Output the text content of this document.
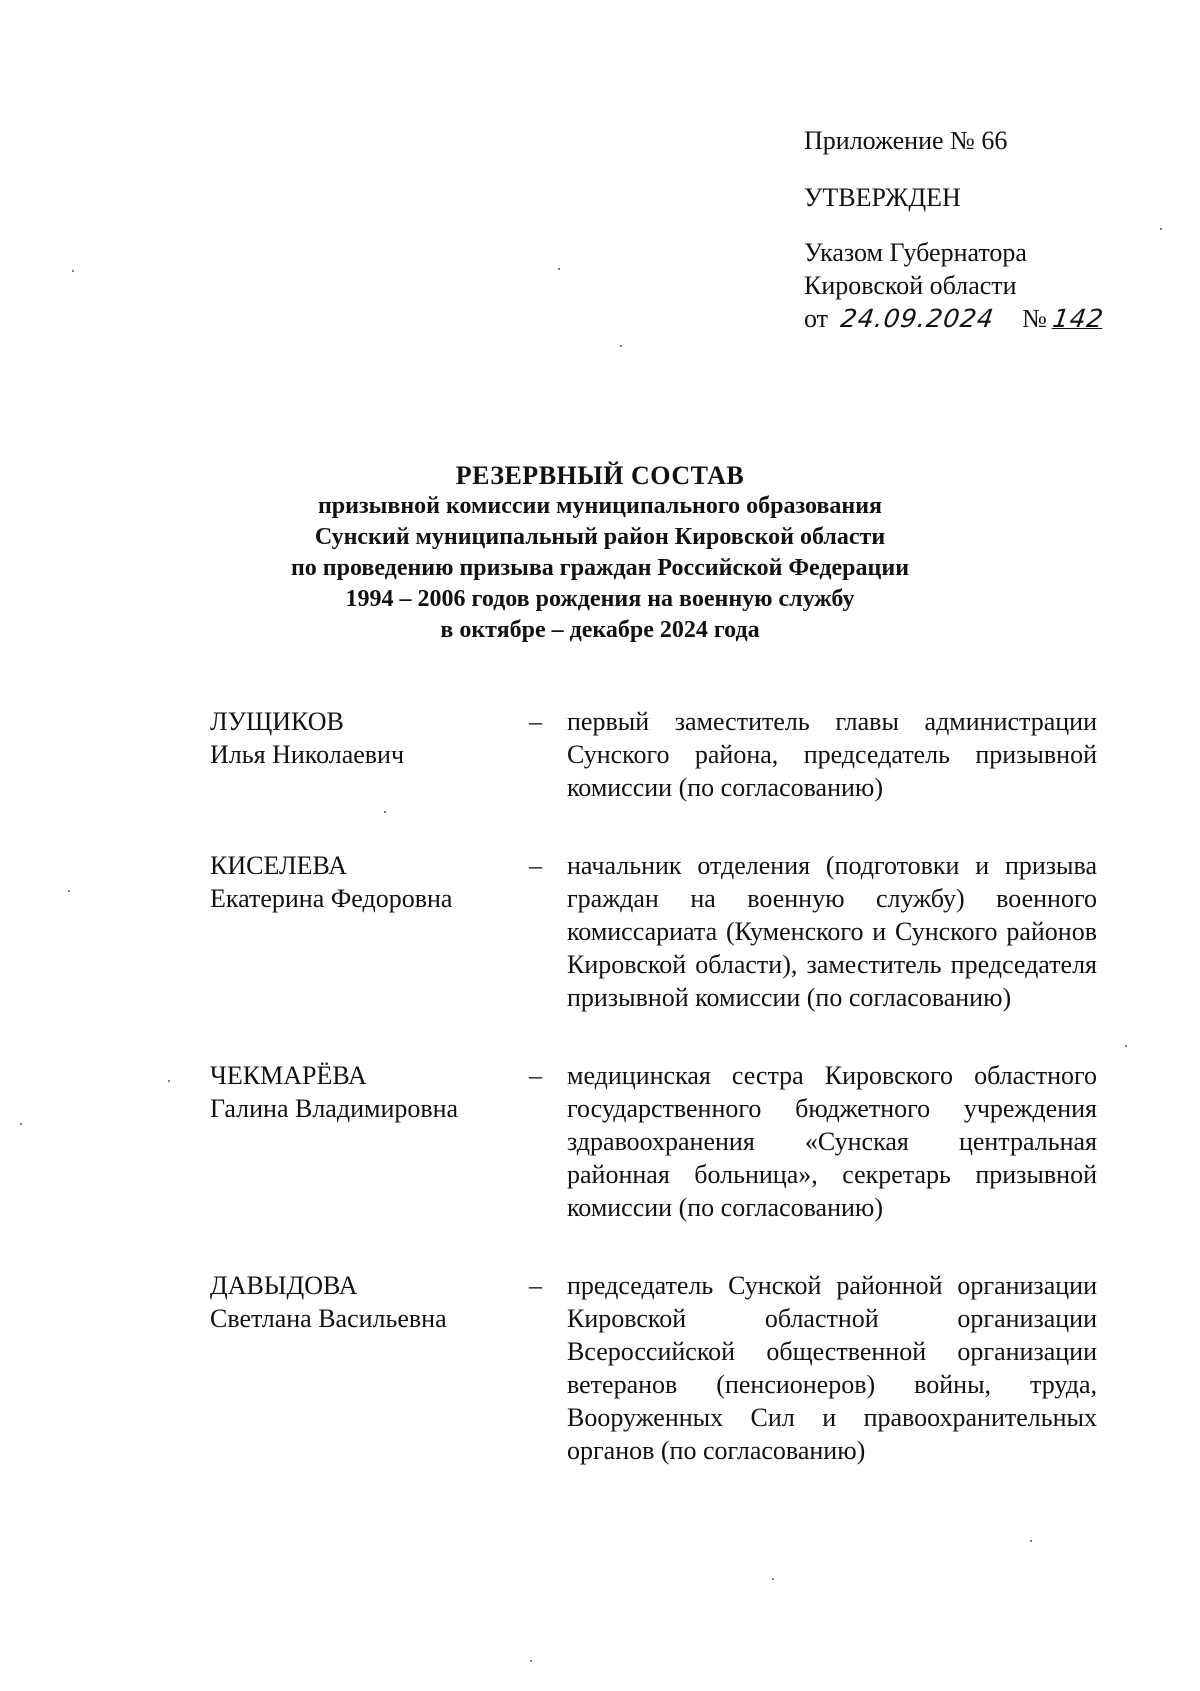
Приложение № 66
УТВЕРЖДЕН
Указом Губернатора
Кировской области
от 24.09.2024 № 142
РЕЗЕРВНЫЙ СОСТАВ
призывной комиссии муниципального образования
Сунский муниципальный район Кировской области
по проведению призыва граждан Российской Федерации
1994 – 2006 годов рождения на военную службу
в октябре – декабре 2024 года
ЛУЩИКОВ
Илья Николаевич
– первый заместитель главы администрации Сунского района, председатель призывной комиссии (по согласованию)
КИСЕЛЕВА
Екатерина Федоровна
– начальник отделения (подготовки и призыва граждан на военную службу) военного комиссариата (Куменского и Сунского районов Кировской области), заместитель председателя призывной комиссии (по согласованию)
ЧЕКМАРЁВА
Галина Владимировна
– медицинская сестра Кировского областного государственного бюджетного учреждения здравоохранения «Сунская центральная районная больница», секретарь призывной комиссии (по согласованию)
ДАВЫДОВА
Светлана Васильевна
– председатель Сунской районной организации Кировской областной организации Всероссийской общественной организации ветеранов (пенсионеров) войны, труда, Вооруженных Сил и правоохранительных органов (по согласованию)
